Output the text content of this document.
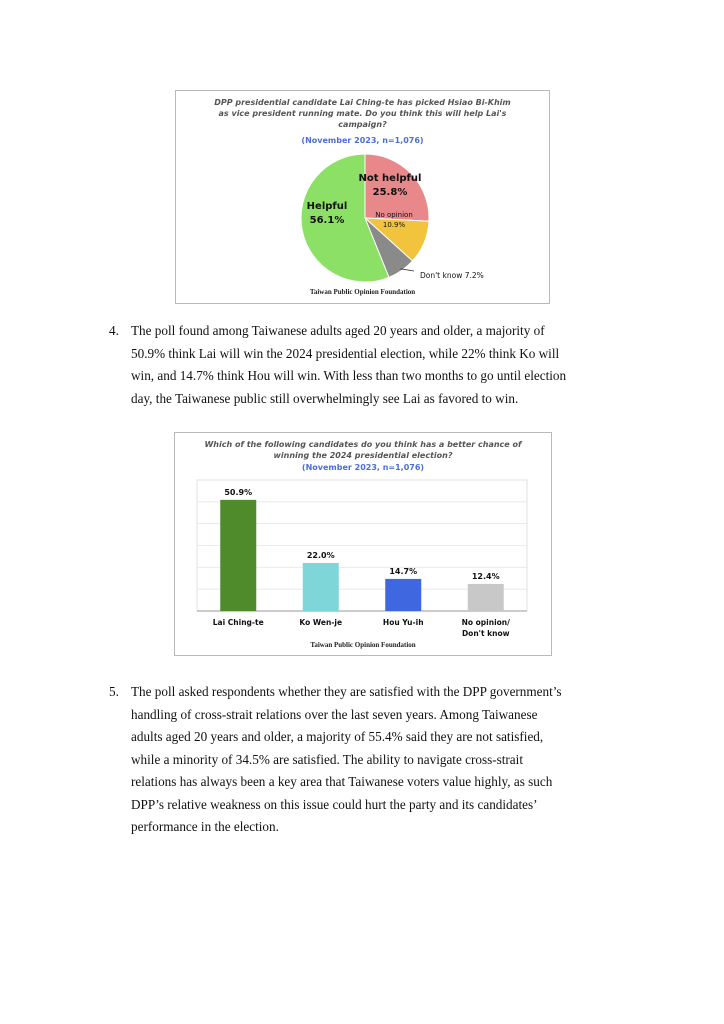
DPP presidential candidate Lai Ching-te has picked Hsiao Bi-Khim
as vice president running mate. Do you think this will help Lai's
campaign?
(November 2023, n=1,076)
Not helpful
25.8%
No opinion
10.9%
Don't know 7.2%
Helpful
56.1%
Taiwan Public Opinion Foundation
4. The poll found among Taiwanese adults aged 20 years and older, a majority of
50.9% think Lai will win the 2024 presidential election, while 22% think Ko will
win, and 14.7% think Hou will win. With less than two months to go until election
day, the Taiwanese public still overwhelmingly see Lai as favored to win.
Which of the following candidates do you think has a better chance of
winning the 2024 presidential election?
(November 2023, n=1,076)
50.9%
Lai Ching-te
22.0%
Ko Wen-je
14.7%
Hou Yu-ih
12.4%
No opinion/
Don't know
Taiwan Public Opinion Foundation
5. The poll asked respondents whether they are satisfied with the DPP government’s
handling of cross-strait relations over the last seven years. Among Taiwanese
adults aged 20 years and older, a majority of 55.4% said they are not satisfied,
while a minority of 34.5% are satisfied. The ability to navigate cross-strait
relations has always been a key area that Taiwanese voters value highly, as such
DPP’s relative weakness on this issue could hurt the party and its candidates’
performance in the election.
